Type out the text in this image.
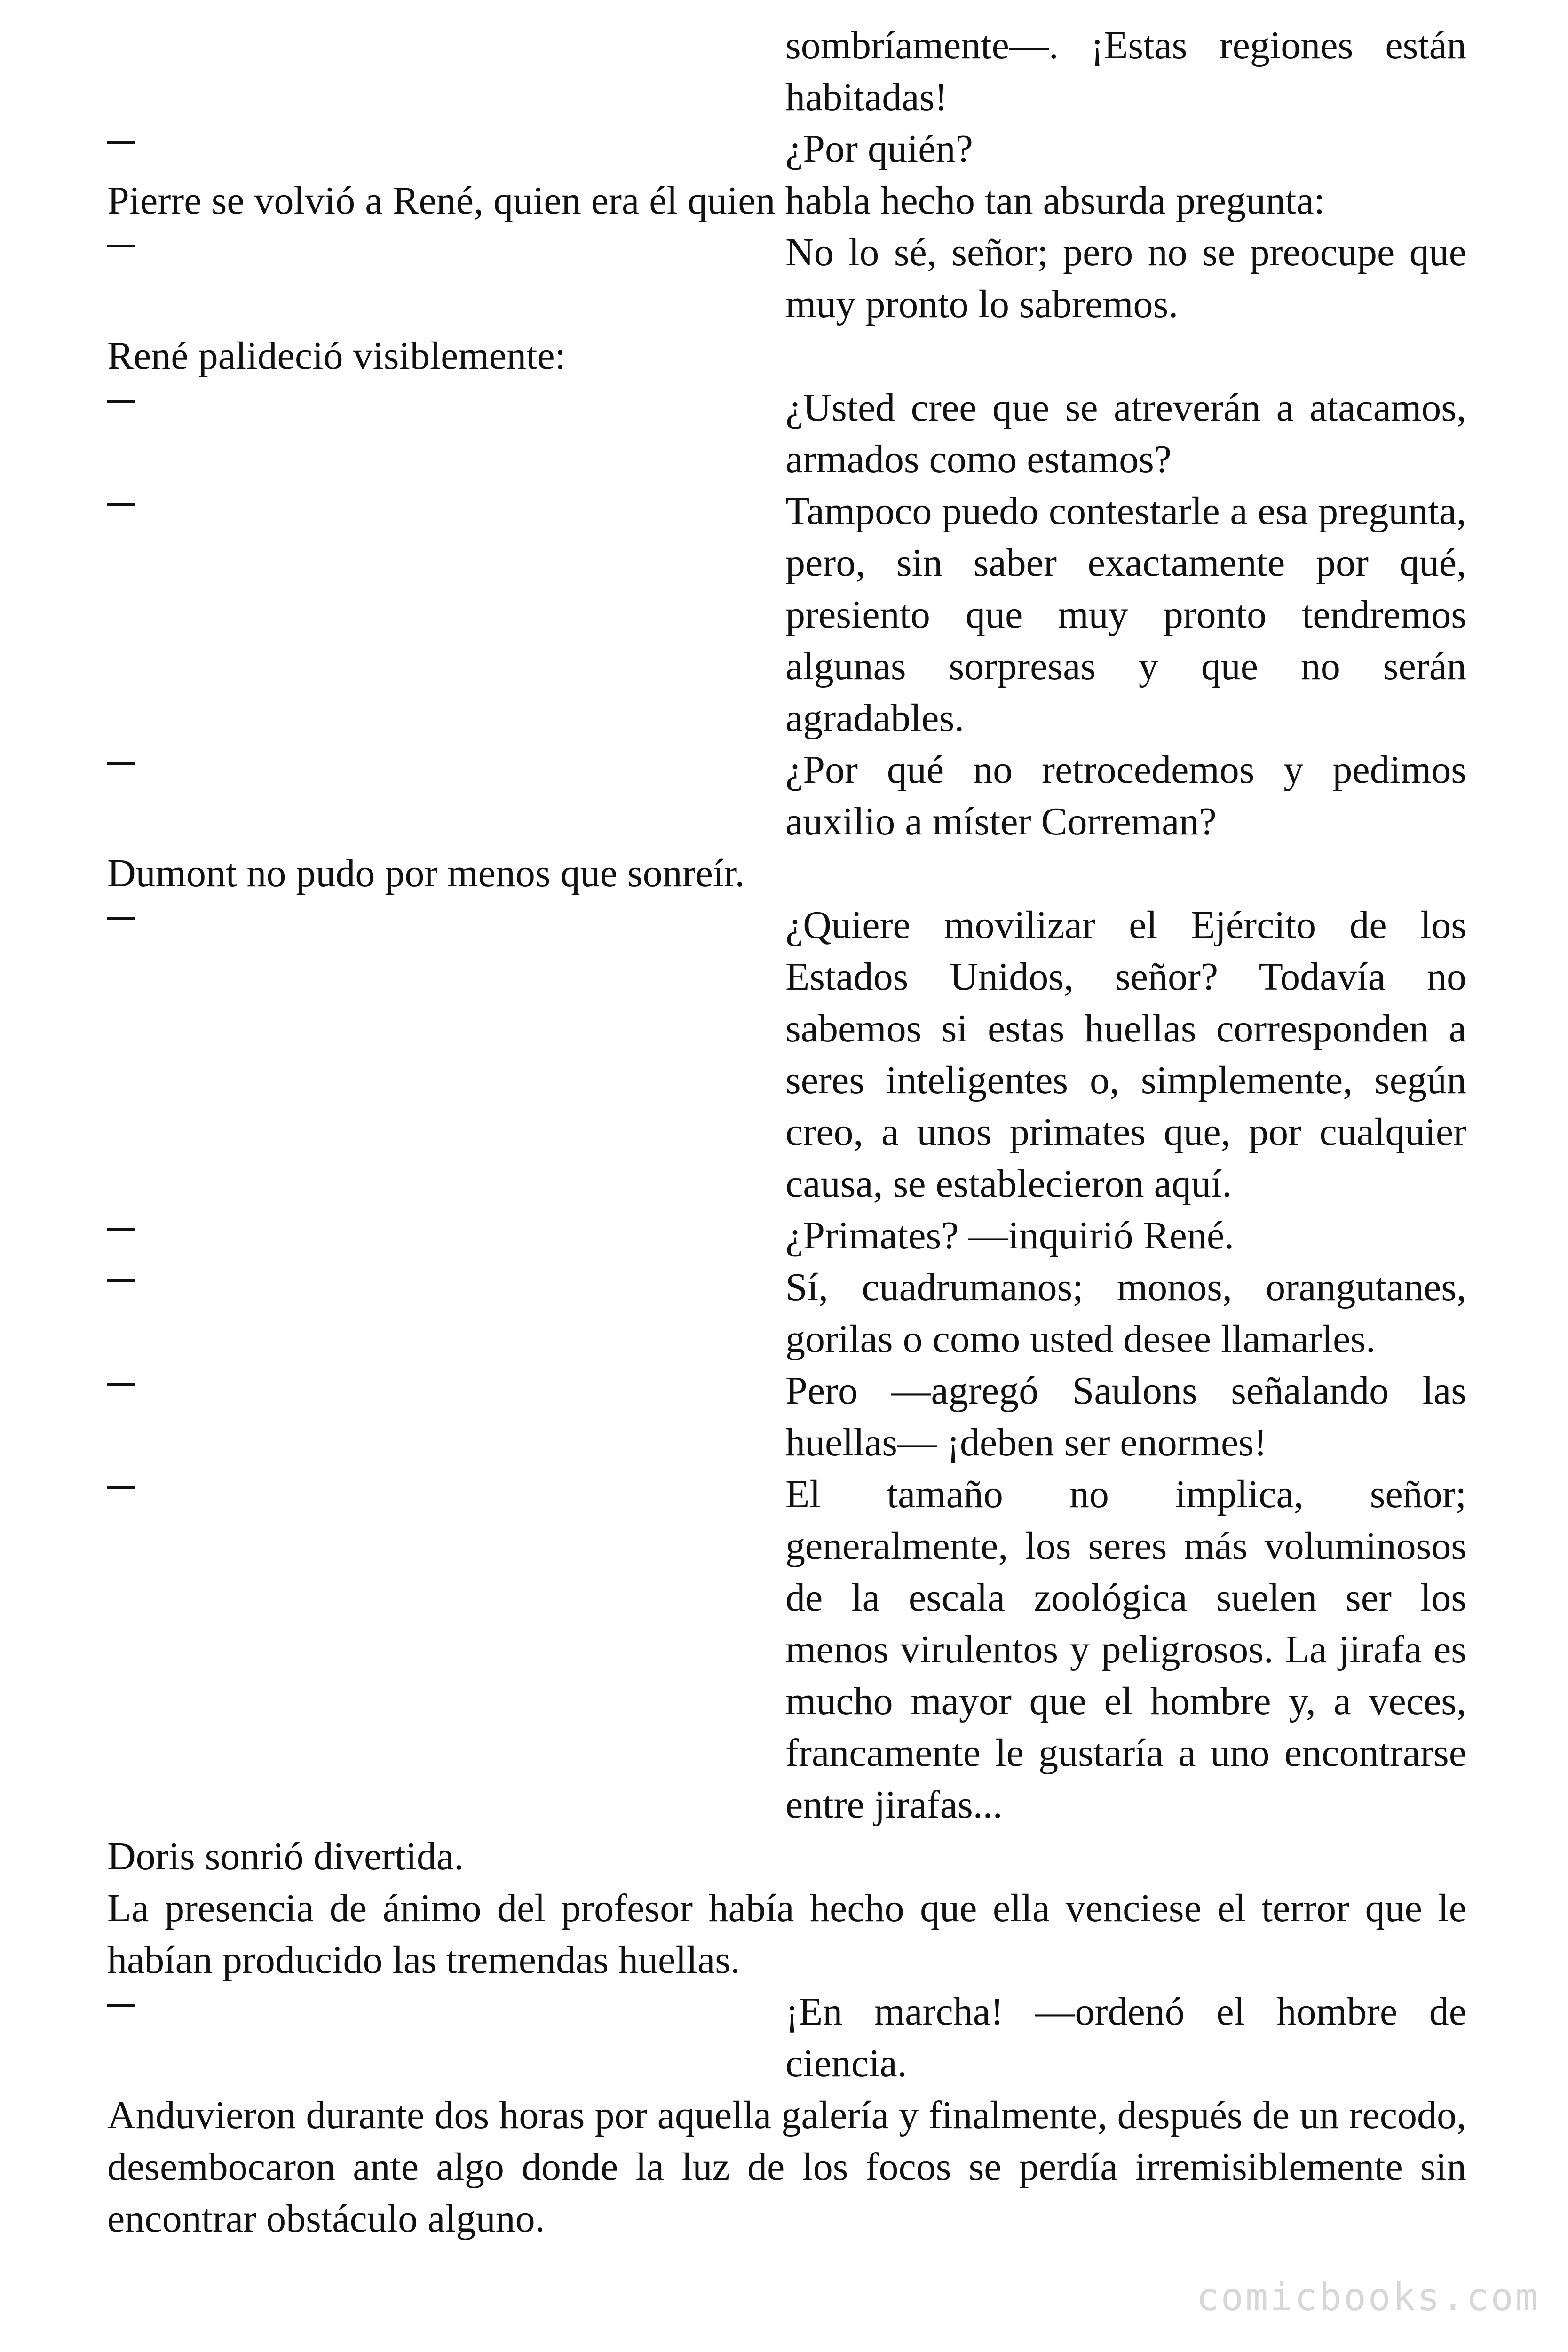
sombríamente—. ¡Estas regiones están habitadas!
¿Por quién?
Pierre se volvió a René, quien era él quien habla hecho tan absurda pregunta:
No lo sé, señor; pero no se preocupe que muy pronto lo sabremos.
René palideció visiblemente:
¿Usted cree que se atreverán a atacamos, armados como estamos?
Tampoco puedo contestarle a esa pregunta, pero, sin saber exactamente por qué, presiento que muy pronto tendremos algunas sorpresas y que no serán agradables.
¿Por qué no retrocedemos y pedimos auxilio a míster Correman?
Dumont no pudo por menos que sonreír.
¿Quiere movilizar el Ejército de los Estados Unidos, señor? Todavía no sabemos si estas huellas corresponden a seres inteligentes o, simplemente, según creo, a unos primates que, por cualquier causa, se establecieron aquí.
¿Primates? —inquirió René.
Sí, cuadrumanos; monos, orangutanes, gorilas o como usted desee llamarles.
Pero —agregó Saulons señalando las huellas— ¡deben ser enormes!
El tamaño no implica, señor; generalmente, los seres más voluminosos de la escala zoológica suelen ser los menos virulentos y peligrosos. La jirafa es mucho mayor que el hombre y, a veces, francamente le gustaría a uno encontrarse entre jirafas...
Doris sonrió divertida.
La presencia de ánimo del profesor había hecho que ella venciese el terror que le habían producido las tremendas huellas.
¡En marcha! —ordenó el hombre de ciencia.
Anduvieron durante dos horas por aquella galería y finalmente, después de un recodo, desembocaron ante algo donde la luz de los focos se perdía irremisiblemente sin encontrar obstáculo alguno.
comicbooks.com
